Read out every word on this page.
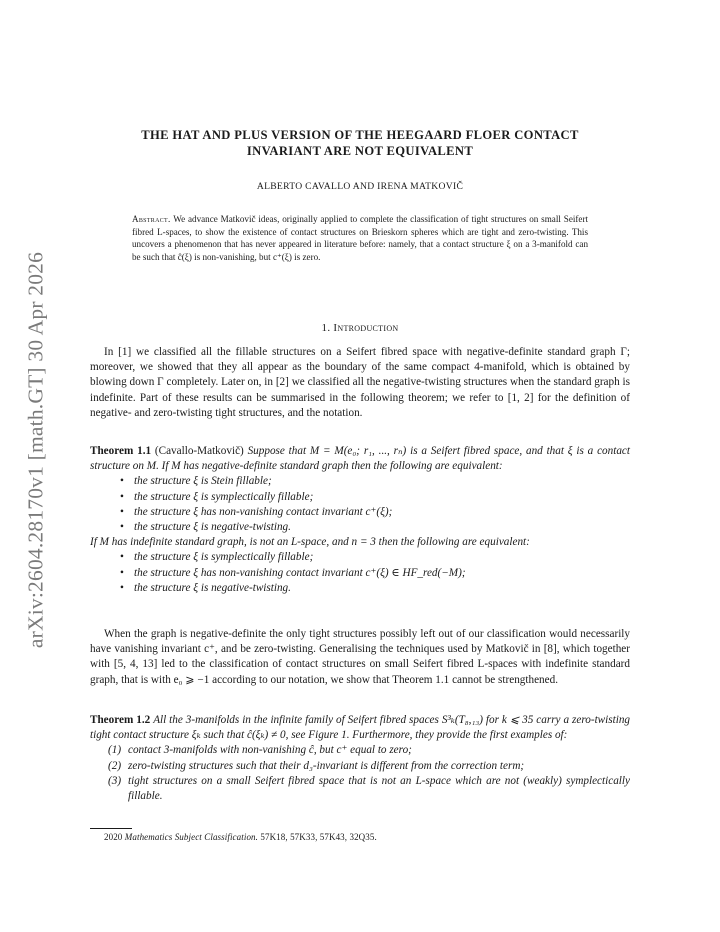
arXiv:2604.28170v1 [math.GT] 30 Apr 2026
THE HAT AND PLUS VERSION OF THE HEEGAARD FLOER CONTACT
INVARIANT ARE NOT EQUIVALENT
ALBERTO CAVALLO AND IRENA MATKOVIČ
Abstract. We advance Matkovič ideas, originally applied to complete the classification of tight structures on small Seifert fibred L-spaces, to show the existence of contact structures on Brieskorn spheres which are tight and zero-twisting. This uncovers a phenomenon that has never appeared in literature before: namely, that a contact structure ξ on a 3-manifold can be such that ĉ(ξ) is non-vanishing, but c⁺(ξ) is zero.
1. Introduction
In [1] we classified all the fillable structures on a Seifert fibred space with negative-definite standard graph Γ; moreover, we showed that they all appear as the boundary of the same compact 4-manifold, which is obtained by blowing down Γ completely. Later on, in [2] we classified all the negative-twisting structures when the standard graph is indefinite. Part of these results can be summarised in the following theorem; we refer to [1, 2] for the definition of negative- and zero-twisting tight structures, and the notation.
Theorem 1.1 (Cavallo-Matkovič) Suppose that M = M(e₀; r₁, ..., rₙ) is a Seifert fibred space, and that ξ is a contact structure on M. If M has negative-definite standard graph then the following are equivalent:
• the structure ξ is Stein fillable;
• the structure ξ is symplectically fillable;
• the structure ξ has non-vanishing contact invariant c⁺(ξ);
• the structure ξ is negative-twisting.
If M has indefinite standard graph, is not an L-space, and n = 3 then the following are equivalent:
• the structure ξ is symplectically fillable;
• the structure ξ has non-vanishing contact invariant c⁺(ξ) ∈ HF_red(−M);
• the structure ξ is negative-twisting.
When the graph is negative-definite the only tight structures possibly left out of our classification would necessarily have vanishing invariant c⁺, and be zero-twisting. Generalising the techniques used by Matkovič in [8], which together with [5, 4, 13] led to the classification of contact structures on small Seifert fibred L-spaces with indefinite standard graph, that is with e₀ ⩾ −1 according to our notation, we show that Theorem 1.1 cannot be strengthened.
Theorem 1.2 All the 3-manifolds in the infinite family of Seifert fibred spaces S³ₖ(T₈,₁₃) for k ⩽ 35 carry a zero-twisting tight contact structure ξₖ such that ĉ(ξₖ) ≠ 0, see Figure 1. Furthermore, they provide the first examples of:
(1) contact 3-manifolds with non-vanishing ĉ, but c⁺ equal to zero;
(2) zero-twisting structures such that their d₃-invariant is different from the correction term;
(3) tight structures on a small Seifert fibred space that is not an L-space which are not (weakly) symplectically fillable.
2020 Mathematics Subject Classification. 57K18, 57K33, 57K43, 32Q35.
